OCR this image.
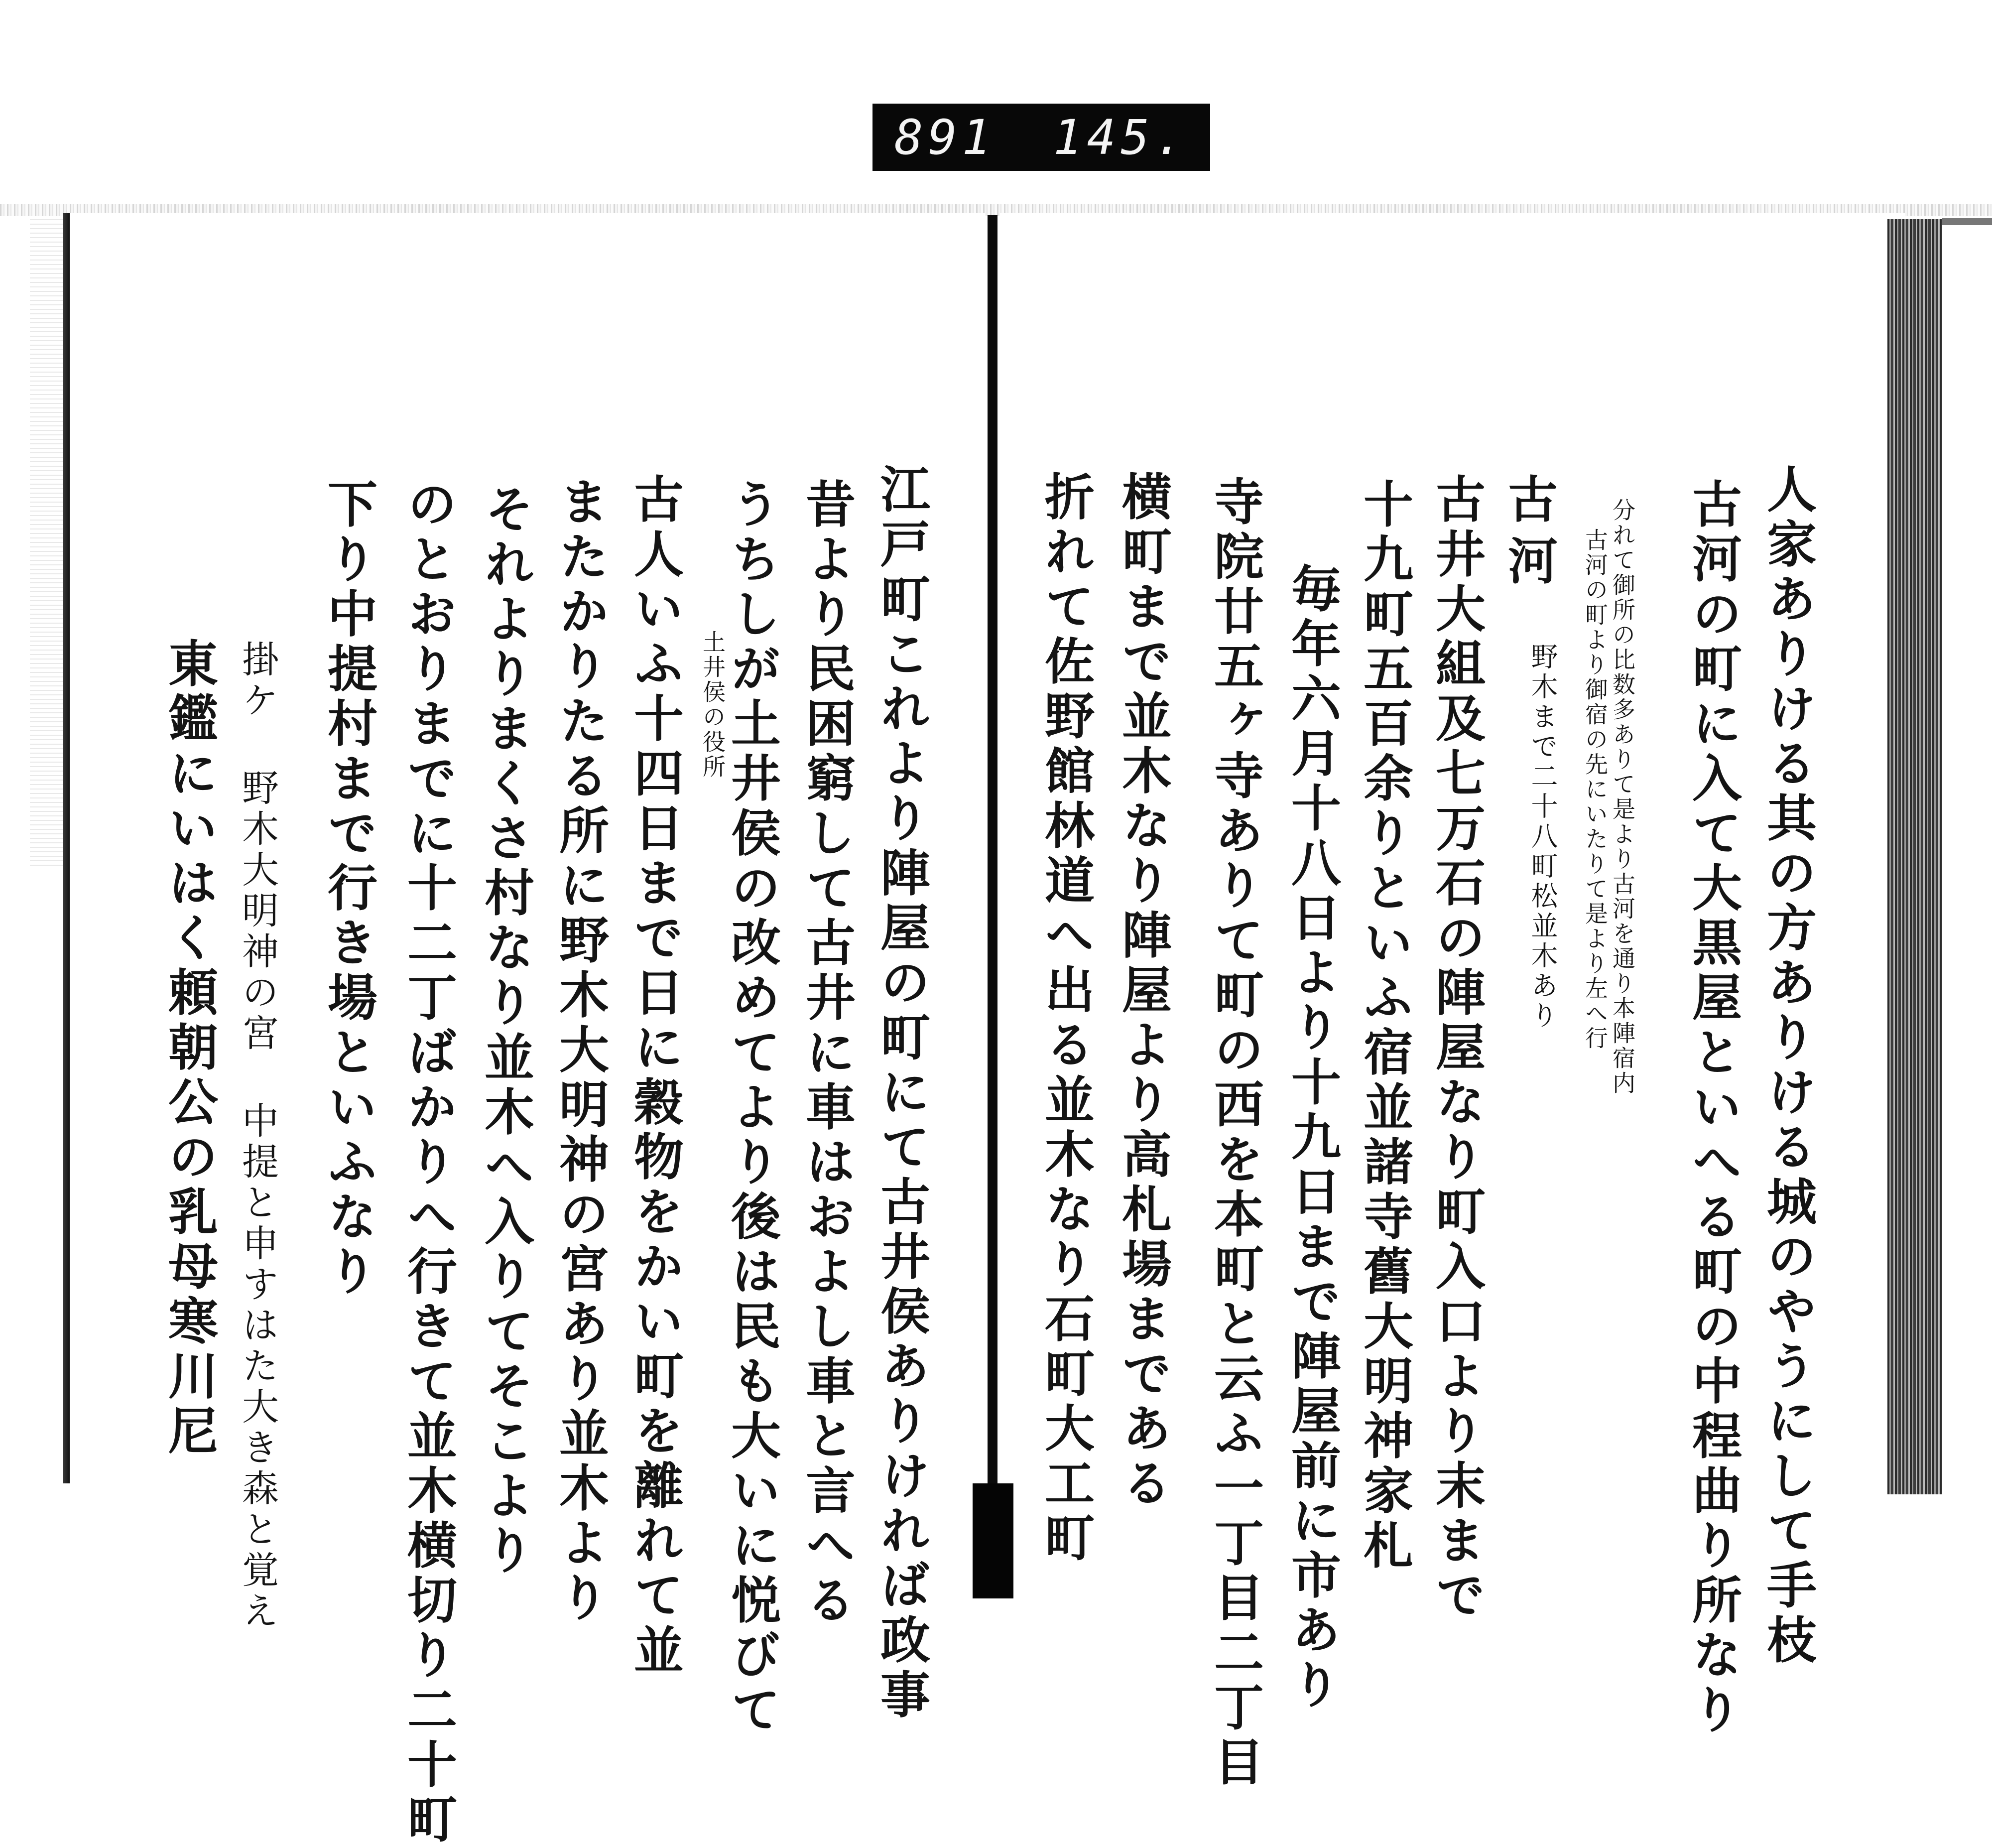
891 145.
人家ありける其の方ありける城のやうにして手枝
古河の町に入て大黒屋といへる町の中程曲り所なり
分れて御所の比数多ありて是より古河を通り本陣宿内
古河の町より御宿の先にいたりて是より左へ行
古河
野木まで二十八町松並木あり
古井大組及七万石の陣屋なり町入口より末まで
十九町五百余りといふ宿並諸寺舊大明神家札
毎年六月十八日より十九日まで陣屋前に市あり
寺院廿五ヶ寺ありて町の西を本町と云ふ一丁目二丁目
横町まで並木なり陣屋より高札場まである
折れて佐野館林道へ出る並木なり石町大工町
江戸町これより陣屋の町にて古井侯ありければ政事
昔より民困窮して古井に車はおよし車と言へる
うちしが土井侯の改めてより後は民も大いに悦びて
土井侯の役所
古人いふ十四日まで日に穀物をかい町を離れて並
またかりたる所に野木大明神の宮あり並木より
それよりまくさ村なり並木へ入りてそこより
のとおりまでに十二丁ばかりへ行きて並木横切り二十町
下り中提村まで行き場といふなり
掛ケ 野木大明神の宮 中提と申すはた大き森と覚え
東鑑にいはく頼朝公の乳母寒川尼
